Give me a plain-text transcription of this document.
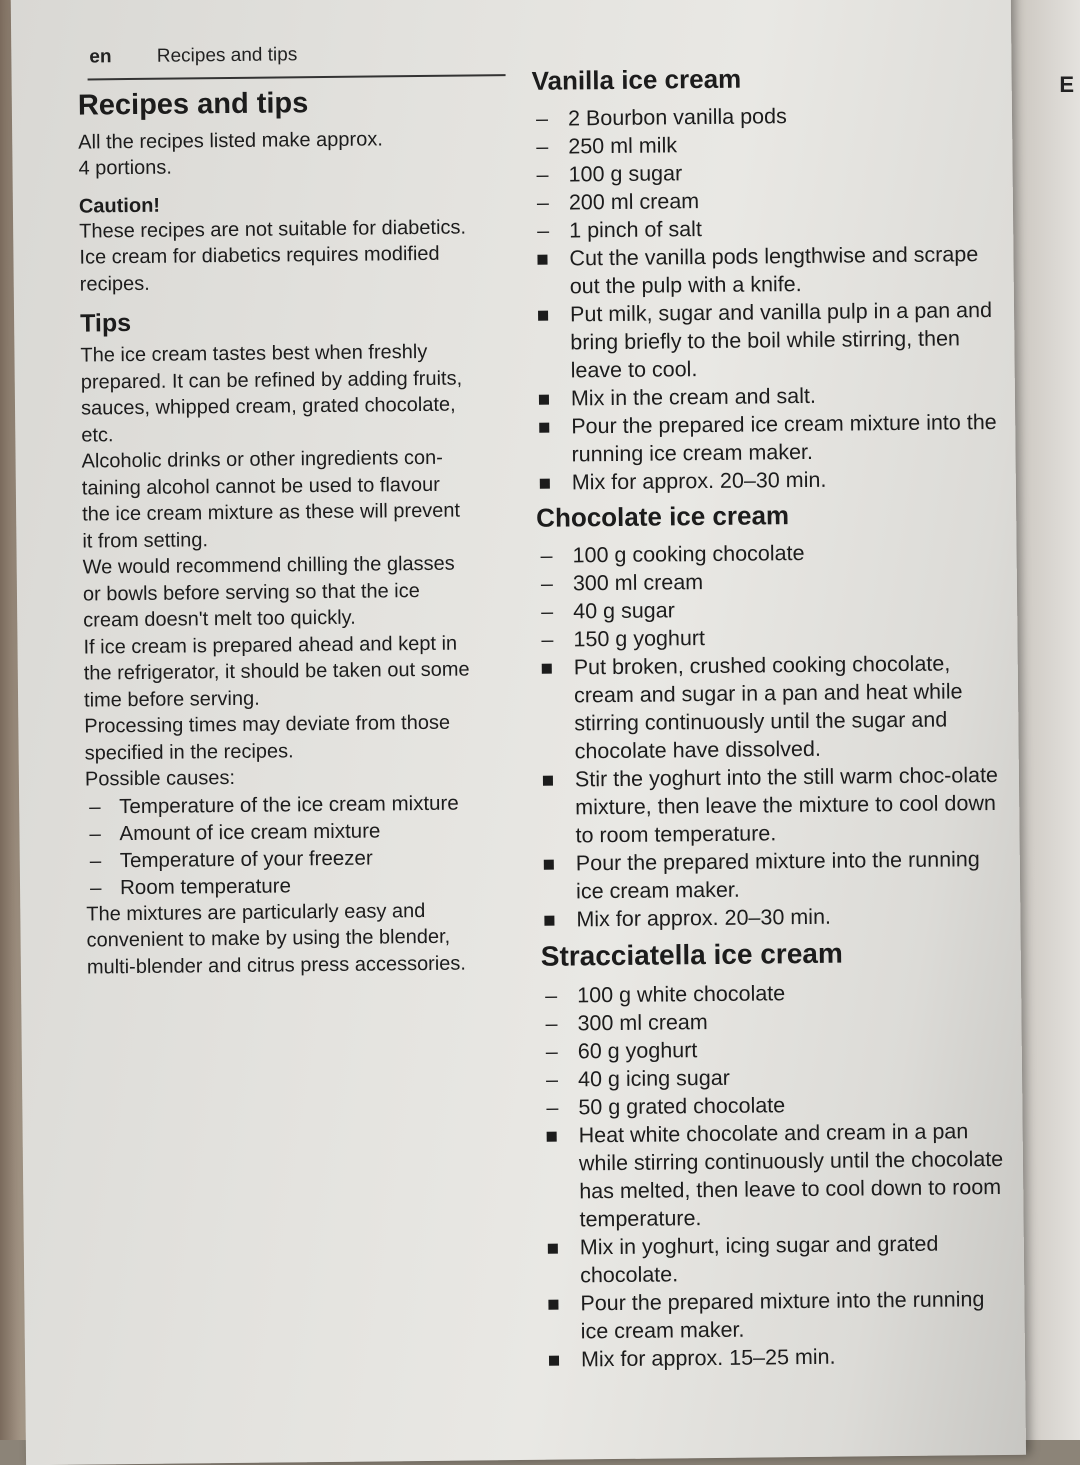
E
en Recipes and tips
Recipes and tips

All the recipes listed make approx.

4 portions.

Caution!

These recipes are not suitable for diabetics.

Ice cream for diabetics requires modified

recipes.

Tips

The ice cream tastes best when freshly

prepared. It can be refined by adding fruits,

sauces, whipped cream, grated chocolate,

etc.

Alcoholic drinks or other ingredients con-

taining alcohol cannot be used to flavour

the ice cream mixture as these will prevent

it from setting.

We would recommend chilling the glasses

or bowls before serving so that the ice

cream doesn't melt too quickly.

If ice cream is prepared ahead and kept in

the refrigerator, it should be taken out some

time before serving.

Processing times may deviate from those

specified in the recipes.

Possible causes:

– Temperature of the ice cream mixture
– Amount of ice cream mixture
– Temperature of your freezer
– Room temperature

The mixtures are particularly easy and

convenient to make by using the blender,

multi-blender and citrus press accessories.

Vanilla ice cream
– 2 Bourbon vanilla pods
– 250 ml milk
– 100 g sugar
– 200 ml cream
– 1 pinch of salt
Cut the vanilla pods lengthwise and scrape out the pulp with a knife.
Put milk, sugar and vanilla pulp in a pan and bring briefly to the boil while stirring, then leave to cool.
Mix in the cream and salt.
Pour the prepared ice cream mixture into the running ice cream maker.
Mix for approx. 20–30 min.
Chocolate ice cream
– 100 g cooking chocolate
– 300 ml cream
– 40 g sugar
– 150 g yoghurt
Put broken, crushed cooking chocolate, cream and sugar in a pan and heat while stirring continuously until the sugar and chocolate have dissolved.
Stir the yoghurt into the still warm choc-olate mixture, then leave the mixture to cool down to room temperature.
Pour the prepared mixture into the running ice cream maker.
Mix for approx. 20–30 min.
Stracciatella ice cream
– 100 g white chocolate
– 300 ml cream
– 60 g yoghurt
– 40 g icing sugar
– 50 g grated chocolate
Heat white chocolate and cream in a pan while stirring continuously until the chocolate has melted, then leave to cool down to room temperature.
Mix in yoghurt, icing sugar and grated chocolate.
Pour the prepared mixture into the running ice cream maker.
Mix for approx. 15–25 min.
